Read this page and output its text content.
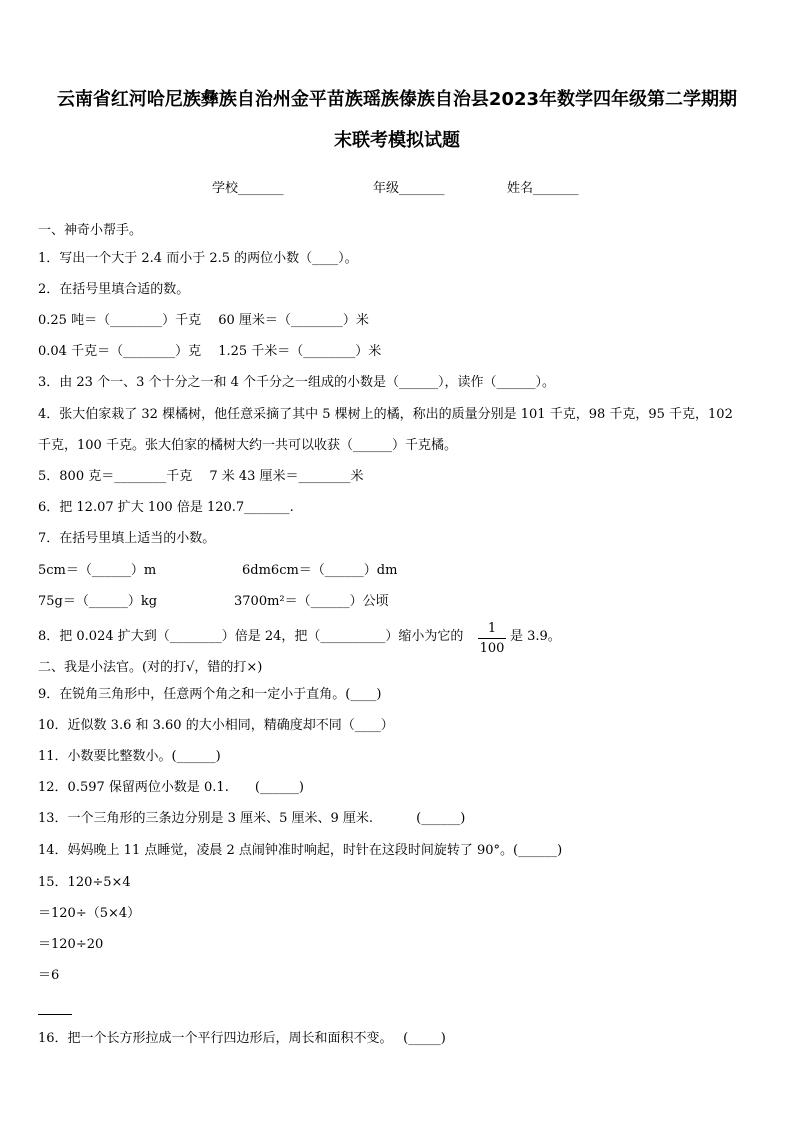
云南省红河哈尼族彝族自治州金平苗族瑶族傣族自治县2023年数学四年级第二学期期
末联考模拟试题
学校_______	年级_______	姓名_______
一、神奇小帮手。
1．写出一个大于 2.4 而小于 2.5 的两位小数（____）。
2．在括号里填合适的数。
0.25 吨＝（________）千克　 60 厘米＝（________）米
0.04 千克＝（________）克　 1.25 千米＝（________）米
3．由 23 个一、3 个十分之一和 4 个千分之一组成的小数是（______），读作（______）。
4．张大伯家栽了 32 棵橘树，他任意采摘了其中 5 棵树上的橘，称出的质量分别是 101 千克，98 千克，95 千克，102
千克，100 千克。张大伯家的橘树大约一共可以收获（______）千克橘。
5．800 克＝________千克　 7 米 43 厘米＝________米
6．把 12.07 扩大 100 倍是 120.7_______.
7．在括号里填上适当的小数。
5cm＝（______）m	6dm6cm＝（______）dm
75g＝（______）kg	3700m²＝（______）公顷
8．把 0.024 扩大到（________）倍是 24，把（__________）缩小为它的
1
100
是 3.9。
二、我是小法官。(对的打√，错的打×)
9．在锐角三角形中，任意两个角之和一定小于直角。(____)
10．近似数 3.6 和 3.60 的大小相同，精确度却不同（____）
11．小数要比整数小。(______)
12．0.597 保留两位小数是 0.1.　　(______)
13．一个三角形的三条边分别是 3 厘米、5 厘米、9 厘米.　　　 (______)
14．妈妈晚上 11 点睡觉，凌晨 2 点闹钟准时响起，时针在这段时间旋转了 90°。(______)
15．120÷5×4
＝120÷（5×4）
＝120÷20
＝6
16．把一个长方形拉成一个平行四边形后，周长和面积不变。　 (_____)
